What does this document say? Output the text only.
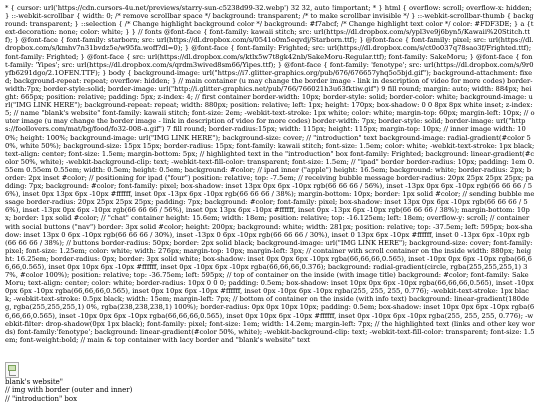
* { cursor: url('https://cdn.cursors-4u.net/previews/starry-sun-c5238d99-32.webp') 32 32, auto !important; * } html { overflow: scroll; overflow-x: hidden; } ::-webkit-scrollbar { width: 0; /* remove scrollbar space */ background: transparent; /* to make scrollbar invisible */ } ::-webkit-scrollbar-thumb { background: transparent; } ::selection { /* Change highlight background color */ background: #f7abcf; /* Change highlight text color */ color: #FDF3DE; } a {text-decoration: none; color: white; } } // fonts @font-face { font-family: kawaii stitch; src: url(https://dl.dropbox.com/s/ypl3ve9j6byn5/Kawaii%20Stitch.ttf); } @font-face { font-family: starborn; src: url(https://dl.dropbox.com/s/0541o0m5eqvdj/Starborn.ttf); } @font-face { font-family: pixel; src: url(https://dl.dropbox.com/s/kmhv7n31bvdz5e/w95fa.woff?dl=0); } @font-face { font-family: Frighted; src: url(https://dl.dropbox.com/s/ct0o037q78sao3f/Frighted.ttf); font-family: Frighted; } @font-face { src: url(https://dl.dropbox.com/s/ktlx5w7t8gk42nb/SakeMoru-Regular.ttf); font-family: SakeMoru; } @font-face { font-family: 'Yipes'; src: url(https://dl.dropbox.com/s/qrdm3wived8sm66/Yipes.ttf); } @font-face { font-family: 'fenotype'; src: url(https://dl.dropbox.com/s/9r0yfb6291dgo/2.1OFEN.TTF); } body { background-image: url("https://i7.glitter-graphics.org/pub/676/676657yhq5o5bjd.gif"); background-attachment: fixed; background-repeat: repeat; overflow: hidden; } // main container (u may change the border image - link in description of video for more codes) border-width:7px; border-style:solid; border-image: url("http://i.glitter-graphics.net/pub/766/766021h3u63fktiw.gif") 9 fill round; margin: auto; width: 884px; height: 665px; position: relative; padding: 5px; z-index: 4; // first container border-width: 10px; border-style: solid; border-color: white; background-image: url("IMG LINK HERE"); background-repeat: repeat; width: 880px; position: relative; left: 1px; height: 170px; box-shadow: 0 0 8px 8px white inset; z-index: 5; // name "blank's website" font-family: kawaii stitch; font-size: 2em; -webkit-text-stroke: 1px white; color: white; margin-top: 60px; margin-left: 10px; // outer image (u may change the border image - link in description of video for more codes) border-width: 7px; border-style: solid; border-image: url("https://foollovers.com/mat/bg/food/fo32-008-a.gif") 7 fill round; border-radius:15px; width: 115px; height: 115px; margin-top: 10px; // inner image width: 100%; height: 100%; background-image: url("IMG LINK HERE"); background-size: cover; // "introduction" text background-image: radial-gradient(#color 50%, white 50%); background-size: 15px 15px; border-radius: 15px; font-family: kawaii stitch; font-size: 1.5em; color: white; -webkit-text-stroke: 1px black; text-align: center; font-size: 1.5em; margin-bottom: 5px; // highlighted text in the "introduction" box font-family: Frighted; background: linear-gradient(#color 50%, white); -webkit-background-clip: text; -webkit-text-fill-color: transparent; font-size: 1.5em; // "ipad" border border-radius: 10px; padding: 1em 0.55em 0.55em 0.55em; width: 0.5em; height: 0.5em; background: #color; // ipad inner ("apple") height: 16.5em; background: white; border-radius: 2px; border: 2px inset #color; // positioning for ipad ("four") position: relative; top: -7.5em; // receiving bubble message border-radius: 20px 25px 25px 25px; padding: 7px; background: #color; font-family: pixel; box-shadow: inset 13px 0px 6px -10px rgb(66 66 66 / 56%), inset -13px 0px 6px -10px rgb(66 66 66 / 56%), inset 0px 13px 6px -10px #ffffff, inset 0px -13px 6px -10px rgb(66 66 66 / 38%); margin-bottom: 10px; border: 1px solid #color; // sending bubble message border-radius: 20px 25px 25px 25px; padding: 7px; background: #color; font-family: pixel; box-shadow: inset 13px 0px 6px -10px rgb(66 66 66 / 56%), inset -13px 0px 6px -10px rgb(66 66 66 / 56%), inset 0px 13px 6px -10px #ffffff, inset 0px -13px 6px -10px rgb(66 66 66 / 38%); margin-bottom: 10px; border: 1px solid #color; // "chat" container height: 15.6em; width: 18em; position: relative; top: -16.125em; left: 18em; overflow-y: scroll; // container with social buttons ("nav") border: 3px solid #color; height: 200px; background: white; width: 281px; position: relative; top: -37.5em; left: 595px; box-shadow: inset 13px 0 6px -10px rgb(66 66 66 / 30%), inset -13px 0 6px -10px rgb(66 66 66 / 30%), inset 0 13px 6px -10px #ffffff, inset 0 -13px 6px -10px rgb(66 66 66 / 38%); // buttons border-radius: 50px; border: 2px solid black; background-image: url("IMG LINK HERE"); background-size: cover; font-family: pixel; font-size: 1.25em; color: white; width: 276px; margin-top: 10px; margin-left: 3px; // container with scroll container on the inside width: 880px; height: 16.25em; border-radius: 0px; border: 3px solid white; box-shadow: inset 0px 0px 6px -10px rgba(66,66,66,0.565), inset -10px 0px 6px -10px rgba(66,66,66,0.565), inset 0px 10px 6px -10px #ffffff, inset 0px -10px 6px -10px rgba(66,66,66,0.376); background: radial-gradient(circle, rgba(255,255,255,1) 37%, #color 100%); position: relative; top: -36.75em; left: 595px; // top of container on the inside (with image title) background: #color; font-family: SakeMoru; text-align: center; color: white; border-radius: 10px 0 0 0; padding: 0.5em; box-shadow: inset 10px 0px 6px -10px rgba(66,66,66,0.565), inset -10px 0px 6px -10px rgba(66,66,66,0.565), inset 0px 10px 6px -10px #ffffff, inset 0px -10px 6px -10px rgba(255, 255, 255, 0.776); -webkit-text-stroke: 1px black; -webkit-text-stroke: 0.5px black; width: 15em; margin-left: 7px; // bottom of container on the inside (with info text) background: linear-gradient(180deg, rgba(255,255,255,1) 0%, rgba(238,238,238,1) 100%); border-radius: 0px 0px 10px 10px; padding: 0.5em; box-shadow: inset 10px 0px 6px -10px rgba(66,66,66,0.565), inset -10px 0px 6px -10px rgba(66,66,66,0.565), inset 0px 10px 6px -10px #ffffff, inset 0px -10px 6px -10px rgba(255, 255, 255, 0.776); -webkit-filter: drop-shadow(0px 1px black); font-family: pixel; font-size: 1em; width: 14.2em; margin-left: 7px; // the highlighted text (links and other key words) font-family:'fenotype'; background: linear-gradient(#color 50%, white); -webkit-background-clip: text; -webkit-text-fill-color: transparent; font-size: 1.5em; font-weight:bold; // main & top container with lacy border and "blank's website" text

blank's website"

// img with border (outer and inner)

// "introduction" box
